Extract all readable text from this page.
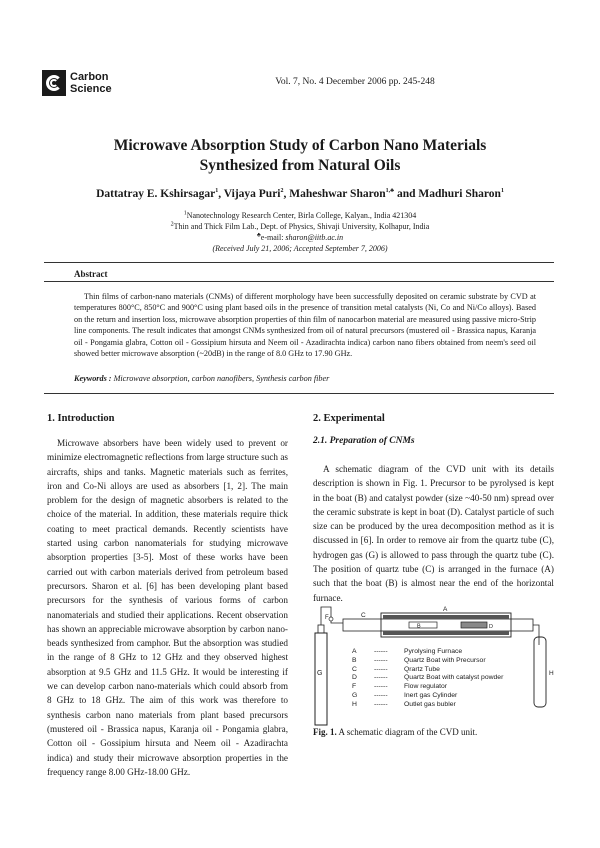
Carbon
Science
Vol. 7, No. 4 December 2006 pp. 245-248
Microwave Absorption Study of Carbon Nano Materials
Synthesized from Natural Oils
Dattatray E. Kshirsagar$^1$, Vijaya Puri$^2$, Maheshwar Sharon$^{1,♣}$ and Madhuri Sharon$^1$
$^1$Nanotechnology Research Center, Birla College, Kalyan., India 421304
$^2$Thin and Thick Film Lab., Dept. of Physics, Shivaji University, Kolhapur, India
♣e-mail: sharon@iitb.ac.in
(Received July 21, 2006; Accepted September 7, 2006)
Abstract
Thin films of carbon-nano materials (CNMs) of different morphology have been successfully deposited on ceramic substrate by CVD at temperatures 800°C, 850°C and 900°C using plant based oils in the presence of transition metal catalysts (Ni, Co and Ni/Co alloys). Based on the return and insertion loss, microwave absorption properties of thin film of nanocarbon material are measured using passive micro-Strip line components. The result indicates that amongst CNMs synthesized from oil of natural precursors (mustered oil - Brassica napus, Karanja oil - Pongamia glabra, Cotton oil - Gossipium hirsuta and Neem oil - Azadirachta indica) carbon nano fibers obtained from neem's seed oil showed better microwave absorption (~20dB) in the range of 8.0 GHz to 17.90 GHz.
Keywords : Microwave absorption, carbon nanofibers, Synthesis carbon fiber
1. Introduction

Microwave absorbers have been widely used to prevent or minimize electromagnetic reflections from large structure such as aircrafts, ships and tanks. Magnetic materials such as ferrites, iron and Co-Ni alloys are used as absorbers [1, 2]. The main problem for the design of magnetic absorbers is related to the choice of the material. In addition, these materials require thick coating to meet practical demands. Recently scientists have started using carbon nanomaterials for studying microwave absorption properties [3-5]. Most of these works have been carried out with carbon materials derived from petroleum based precursors. Sharon et al. [6] has been developing plant based precursors for the synthesis of various forms of carbon nanomaterials and studied their applications. Recent observation has shown an appreciable microwave absorption by carbon nano-beads synthesized from camphor. But the absorption was studied in the range of 8 GHz to 12 GHz and they observed highest absorption at 9.5 GHz and 11.5 GHz. It would be interesting if we can develop carbon nano-materials which could absorb from 8 GHz to 18 GHz. The aim of this work was therefore to synthesis carbon nano materials from plant based precursors (mustered oil - Brassica napus, Karanja oil - Pongamia glabra, Cotton oil - Gossipium hirsuta and Neem oil - Azadirachta indica) and study their microwave absorption properties in the frequency range 8.00 GHz-18.00 GHz.

2. Experimental
2.1. Preparation of CNMs

A schematic diagram of the CVD unit with its details description is shown in Fig. 1. Precursor to be pyrolysed is kept in the boat (B) and catalyst powder (size ~40-50 nm) spread over the ceramic substrate is kept in boat (D). Catalyst particle of such size can be produced by the urea decomposition method as it is discussed in [6]. In order to remove air from the quartz tube (C), hydrogen gas (G) is allowed to pass through the quartz tube (C). The position of quartz tube (C) is arranged in the furnace (A) such that the boat (B) is almost near the end of the horizontal furnace.

G
F	C
A
B	D
H
A	------	Pyrolysing Furnace
B	------	Quartz Boat with Precursor
C	------	Qrartz Tube
D	------	Quartz Boat with catalyst powder
F	------	Flow regulator
G	------	Inert gas Cylinder
H	------	Outlet gas bubler
Fig. 1. A schematic diagram of the CVD unit.
